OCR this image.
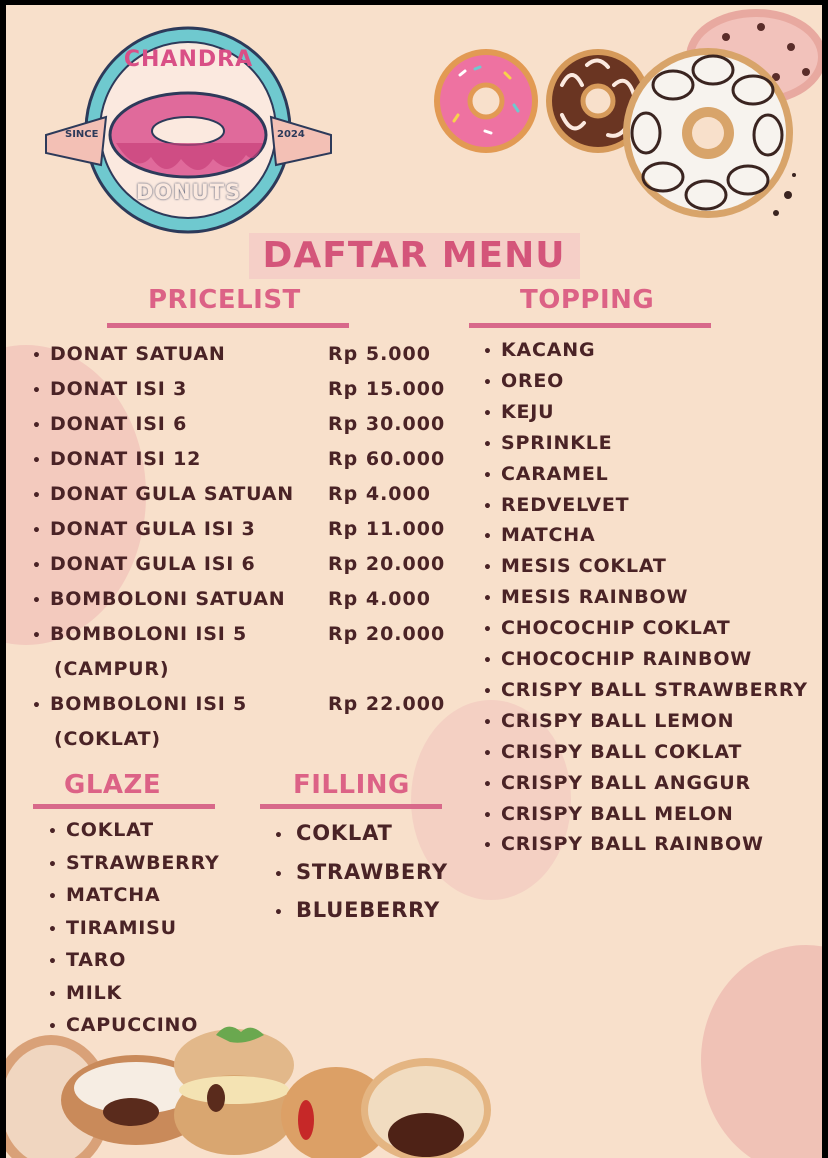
CHANDRA
SINCE	2024
DONUTS
DAFTAR MENU
PRICELIST
• DONAT SATUAN	Rp 5.000
• DONAT ISI 3	Rp 15.000
• DONAT ISI 6	Rp 30.000
• DONAT ISI 12	Rp 60.000
• DONAT GULA SATUAN Rp 4.000
• DONAT GULA ISI 3	Rp 11.000
• DONAT GULA ISI 6	Rp 20.000
• BOMBOLONI SATUAN Rp 4.000
• BOMBOLONI ISI 5
(CAMPUR)
Rp 20.000
• BOMBOLONI ISI 5
(COKLAT)
Rp 22.000
TOPPING
• KACANG
• OREO
• KEJU
• SPRINKLE
• CARAMEL
• REDVELVET
• MATCHA
• MESIS COKLAT
• MESIS RAINBOW
• CHOCOCHIP COKLAT
• CHOCOCHIP RAINBOW
• CRISPY BALL STRAWBERRY
• CRISPY BALL LEMON
• CRISPY BALL COKLAT
• CRISPY BALL ANGGUR
• CRISPY BALL MELON
• CRISPY BALL RAINBOW
GLAZE
• COKLAT
• STRAWBERRY
• MATCHA
• TIRAMISU
• TARO
• MILK
• CAPUCCINO
FILLING
• COKLAT
• STRAWBERY
• BLUEBERRY
